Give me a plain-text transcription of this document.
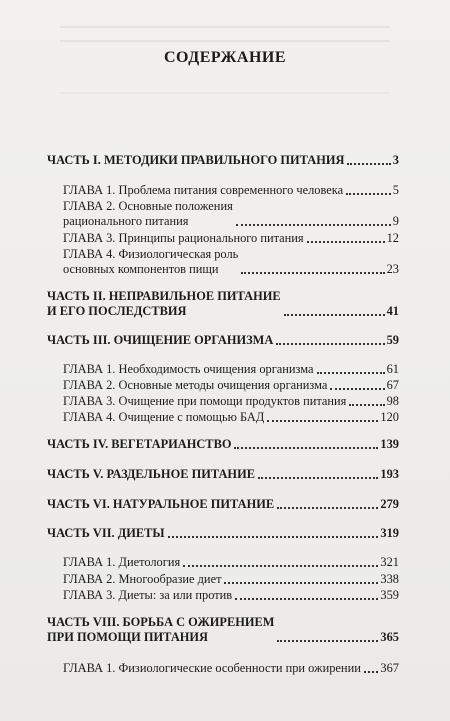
СОДЕРЖАНИЕ
ЧАСТЬ I. МЕТОДИКИ ПРАВИЛЬНОГО ПИТАНИЯ	3
ГЛАВА 1. Проблема питания современного человека	5
ГЛАВА 2. Основные положения
рационального питания	9
ГЛАВА 3. Принципы рационального питания	12
ГЛАВА 4. Физиологическая роль
основных компонентов пищи	23
ЧАСТЬ II. НЕПРАВИЛЬНОЕ ПИТАНИЕ
И ЕГО ПОСЛЕДСТВИЯ	41
ЧАСТЬ III. ОЧИЩЕНИЕ ОРГАНИЗМА	59
ГЛАВА 1. Необходимость очищения организма	61
ГЛАВА 2. Основные методы очищения организма	67
ГЛАВА 3. Очищение при помощи продуктов питания	98
ГЛАВА 4. Очищение с помощью БАД	120
ЧАСТЬ IV. ВЕГЕТАРИАНСТВО	139
ЧАСТЬ V. РАЗДЕЛЬНОЕ ПИТАНИЕ	193
ЧАСТЬ VI. НАТУРАЛЬНОЕ ПИТАНИЕ	279
ЧАСТЬ VII. ДИЕТЫ	319
ГЛАВА 1. Диетология	321
ГЛАВА 2. Многообразие диет	338
ГЛАВА 3. Диеты: за или против	359
ЧАСТЬ VIII. БОРЬБА С ОЖИРЕНИЕМ
ПРИ ПОМОЩИ ПИТАНИЯ	365
ГЛАВА 1. Физиологические особенности при ожирении 367
